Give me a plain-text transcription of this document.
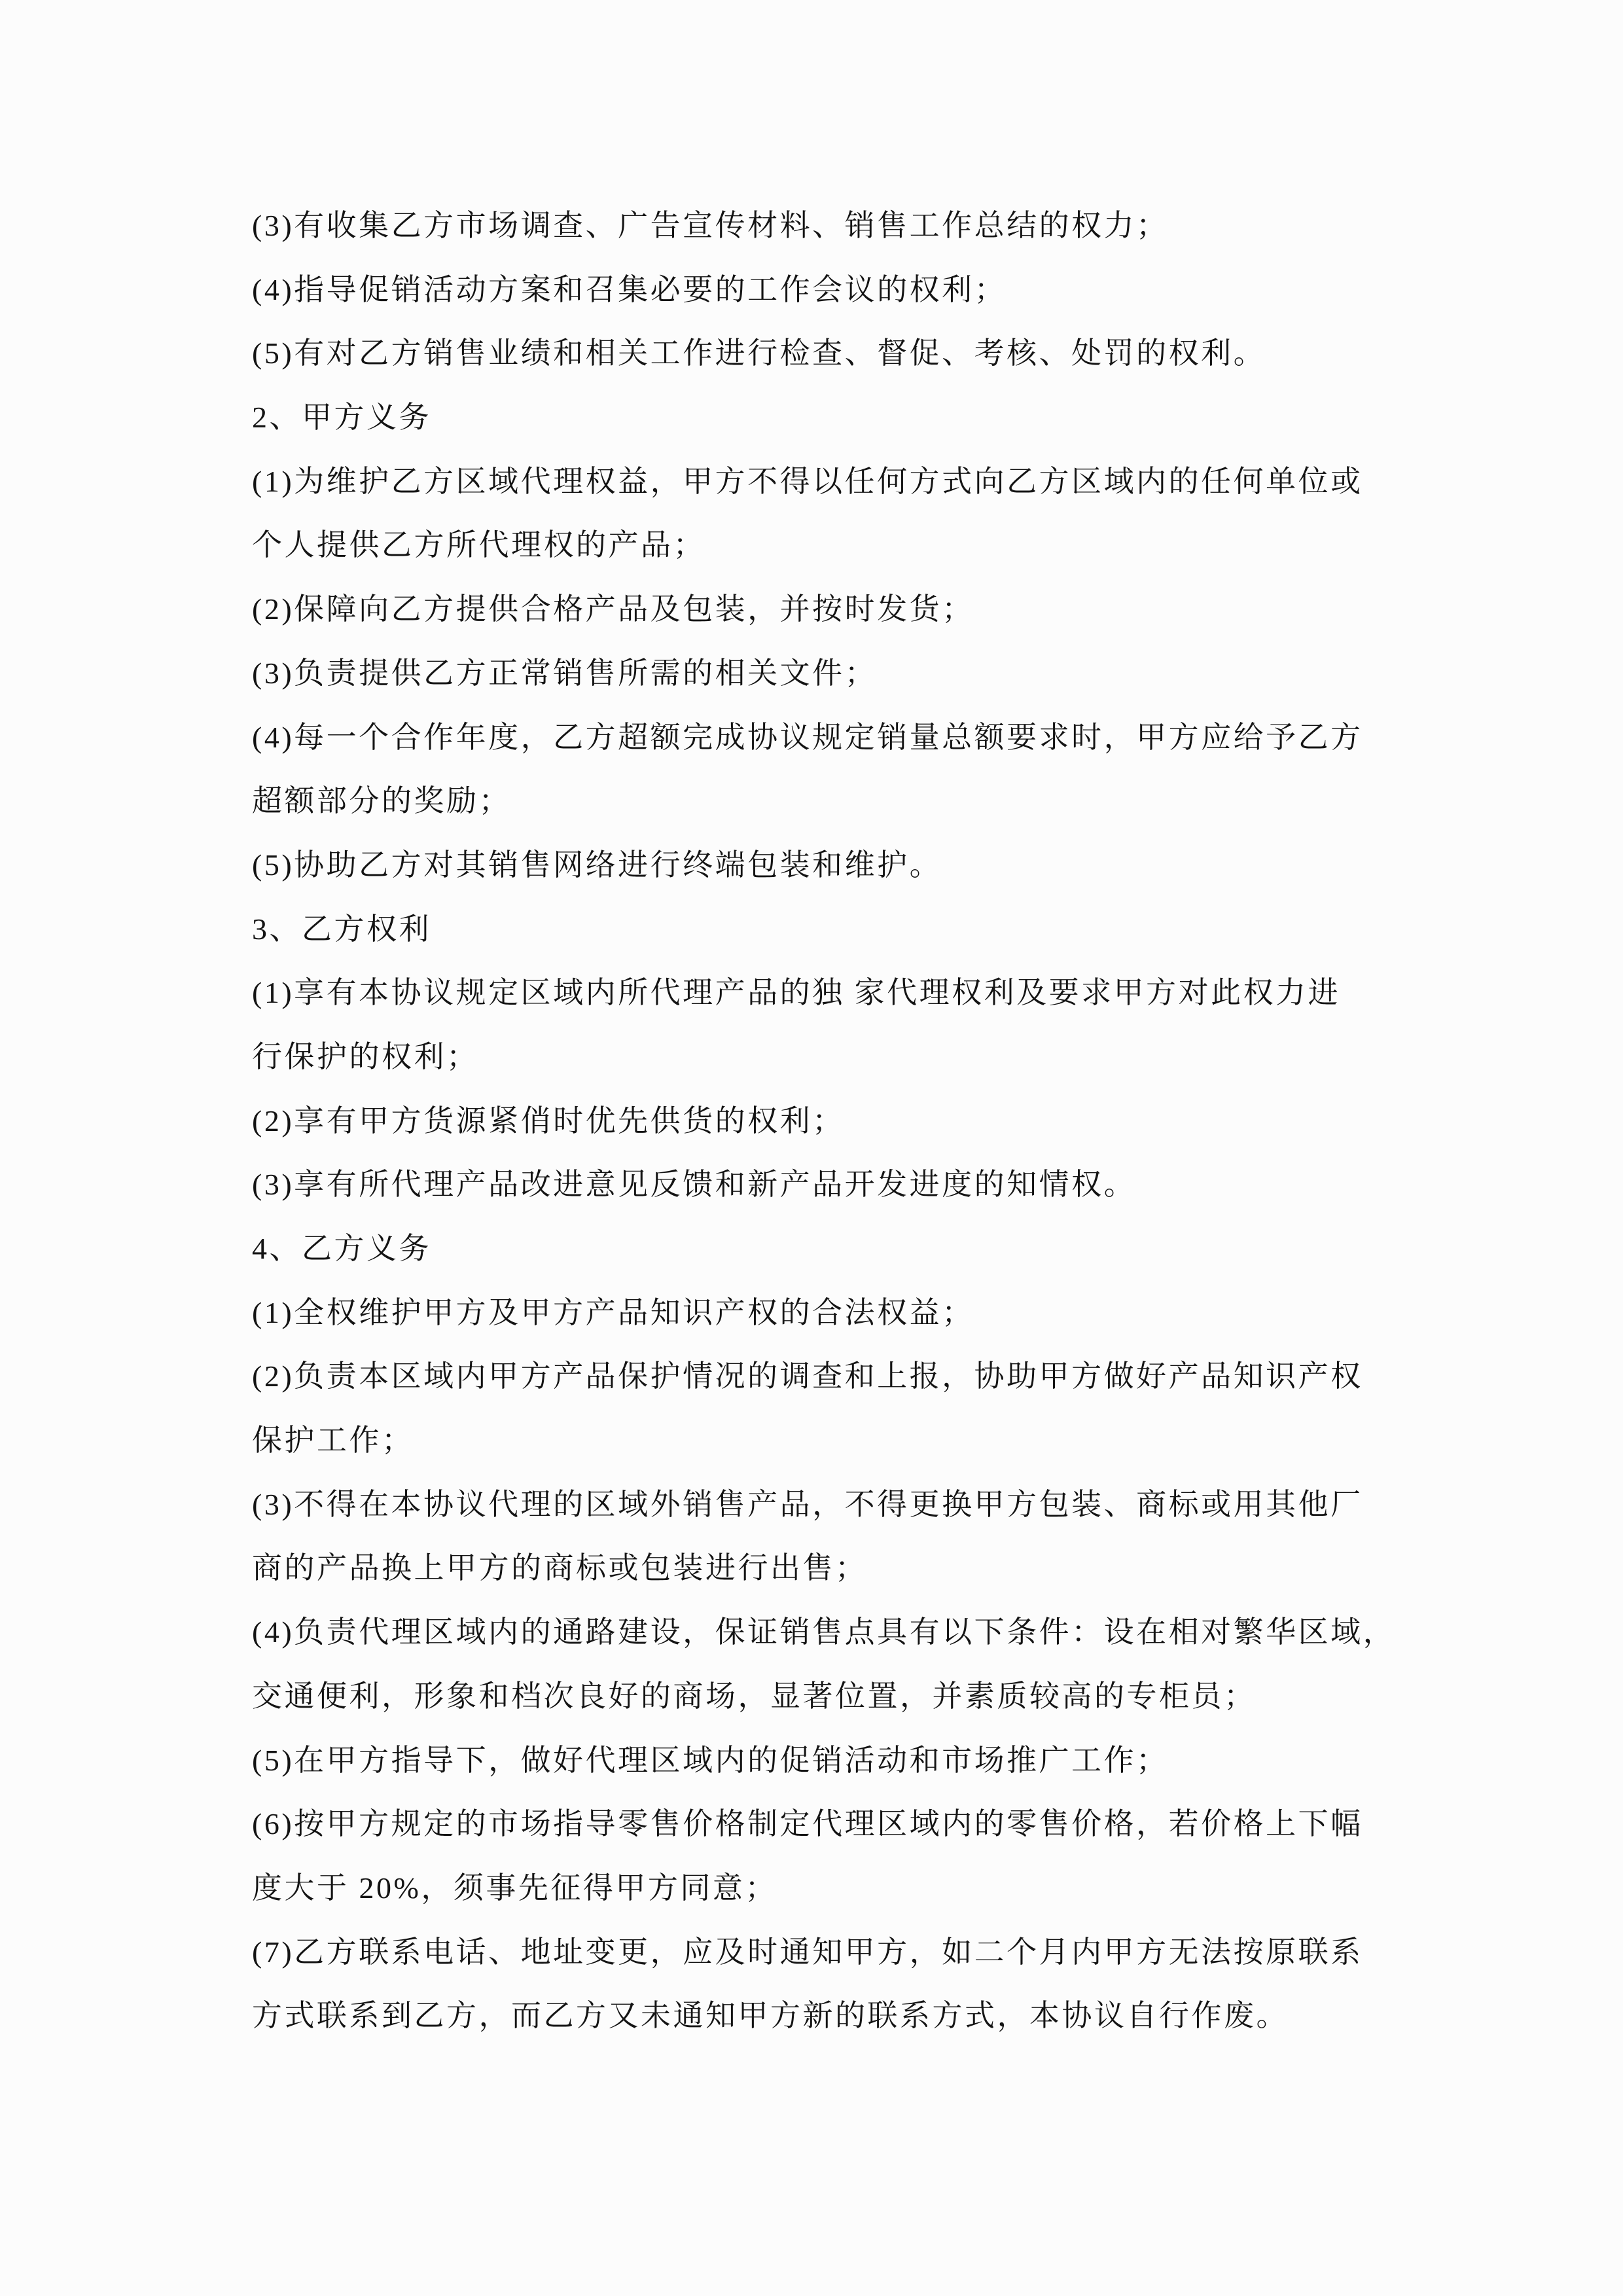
(3)有收集乙方市场调查、广告宣传材料、销售工作总结的权力；

(4)指导促销活动方案和召集必要的工作会议的权利；

(5)有对乙方销售业绩和相关工作进行检查、督促、考核、处罚的权利。

2、甲方义务

(1)为维护乙方区域代理权益，甲方不得以任何方式向乙方区域内的任何单位或

个人提供乙方所代理权的产品；

(2)保障向乙方提供合格产品及包装，并按时发货；

(3)负责提供乙方正常销售所需的相关文件；

(4)每一个合作年度，乙方超额完成协议规定销量总额要求时，甲方应给予乙方

超额部分的奖励；

(5)协助乙方对其销售网络进行终端包装和维护。

3、乙方权利

(1)享有本协议规定区域内所代理产品的独 家代理权利及要求甲方对此权力进

行保护的权利；

(2)享有甲方货源紧俏时优先供货的权利；

(3)享有所代理产品改进意见反馈和新产品开发进度的知情权。

4、乙方义务

(1)全权维护甲方及甲方产品知识产权的合法权益；

(2)负责本区域内甲方产品保护情况的调查和上报，协助甲方做好产品知识产权

保护工作；

(3)不得在本协议代理的区域外销售产品，不得更换甲方包装、商标或用其他厂

商的产品换上甲方的商标或包装进行出售；

(4)负责代理区域内的通路建设，保证销售点具有以下条件：设在相对繁华区域，

交通便利，形象和档次良好的商场，显著位置，并素质较高的专柜员；

(5)在甲方指导下，做好代理区域内的促销活动和市场推广工作；

(6)按甲方规定的市场指导零售价格制定代理区域内的零售价格，若价格上下幅

度大于 20%，须事先征得甲方同意；

(7)乙方联系电话、地址变更，应及时通知甲方，如二个月内甲方无法按原联系

方式联系到乙方，而乙方又未通知甲方新的联系方式，本协议自行作废。
